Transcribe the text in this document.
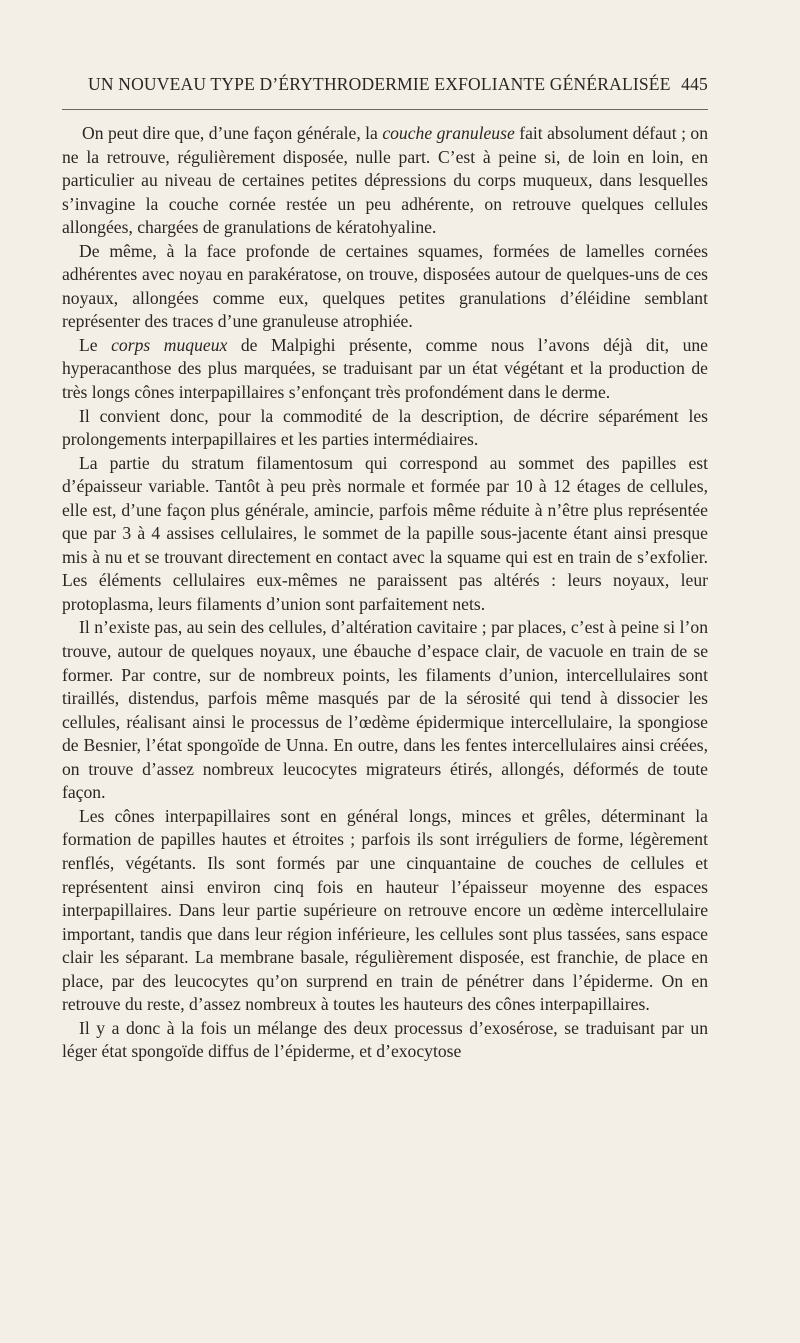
UN NOUVEAU TYPE D’ÉRYTHRODERMIE EXFOLIANTE GÉNÉRALISÉE 445

On peut dire que, d’une façon générale, la couche granuleuse fait absolument défaut ; on ne la retrouve, régulièrement disposée, nulle part. C’est à peine si, de loin en loin, en particulier au niveau de certaines petites dépressions du corps muqueux, dans lesquelles s’invagine la couche cornée restée un peu adhérente, on retrouve quelques cellules allongées, chargées de granulations de kératohyaline.

De même, à la face profonde de certaines squames, formées de lamelles cornées adhérentes avec noyau en parakératose, on trouve, disposées autour de quelques-uns de ces noyaux, allongées comme eux, quelques petites granulations d’éléidine semblant représenter des traces d’une granuleuse atrophiée.

Le corps muqueux de Malpighi présente, comme nous l’avons déjà dit, une hyperacanthose des plus marquées, se traduisant par un état végétant et la production de très longs cônes interpapillaires s’enfonçant très profondément dans le derme.

Il convient donc, pour la commodité de la description, de décrire séparément les prolongements interpapillaires et les parties intermédiaires.

La partie du stratum filamentosum qui correspond au sommet des papilles est d’épaisseur variable. Tantôt à peu près normale et formée par 10 à 12 étages de cellules, elle est, d’une façon plus générale, amincie, parfois même réduite à n’être plus représentée que par 3 à 4 assises cellulaires, le sommet de la papille sous-jacente étant ainsi presque mis à nu et se trouvant directement en contact avec la squame qui est en train de s’exfolier. Les éléments cellulaires eux-mêmes ne paraissent pas altérés : leurs noyaux, leur protoplasma, leurs filaments d’union sont parfaitement nets.

Il n’existe pas, au sein des cellules, d’altération cavitaire ; par places, c’est à peine si l’on trouve, autour de quelques noyaux, une ébauche d’espace clair, de vacuole en train de se former. Par contre, sur de nombreux points, les filaments d’union, intercellulaires sont tiraillés, distendus, parfois même masqués par de la sérosité qui tend à dissocier les cellules, réalisant ainsi le processus de l’œdème épidermique intercellulaire, la spongiose de Besnier, l’état spongoïde de Unna. En outre, dans les fentes intercellulaires ainsi créées, on trouve d’assez nombreux leucocytes migrateurs étirés, allongés, déformés de toute façon.

Les cônes interpapillaires sont en général longs, minces et grêles, déterminant la formation de papilles hautes et étroites ; parfois ils sont irréguliers de forme, légèrement renflés, végétants. Ils sont formés par une cinquantaine de couches de cellules et représentent ainsi environ cinq fois en hauteur l’épaisseur moyenne des espaces interpapillaires. Dans leur partie supérieure on retrouve encore un œdème intercellulaire important, tandis que dans leur région inférieure, les cellules sont plus tassées, sans espace clair les séparant. La membrane basale, régulièrement disposée, est franchie, de place en place, par des leucocytes qu’on surprend en train de pénétrer dans l’épiderme. On en retrouve du reste, d’assez nombreux à toutes les hauteurs des cônes interpapillaires.

Il y a donc à la fois un mélange des deux processus d’exosérose, se traduisant par un léger état spongoïde diffus de l’épiderme, et d’exocytose
